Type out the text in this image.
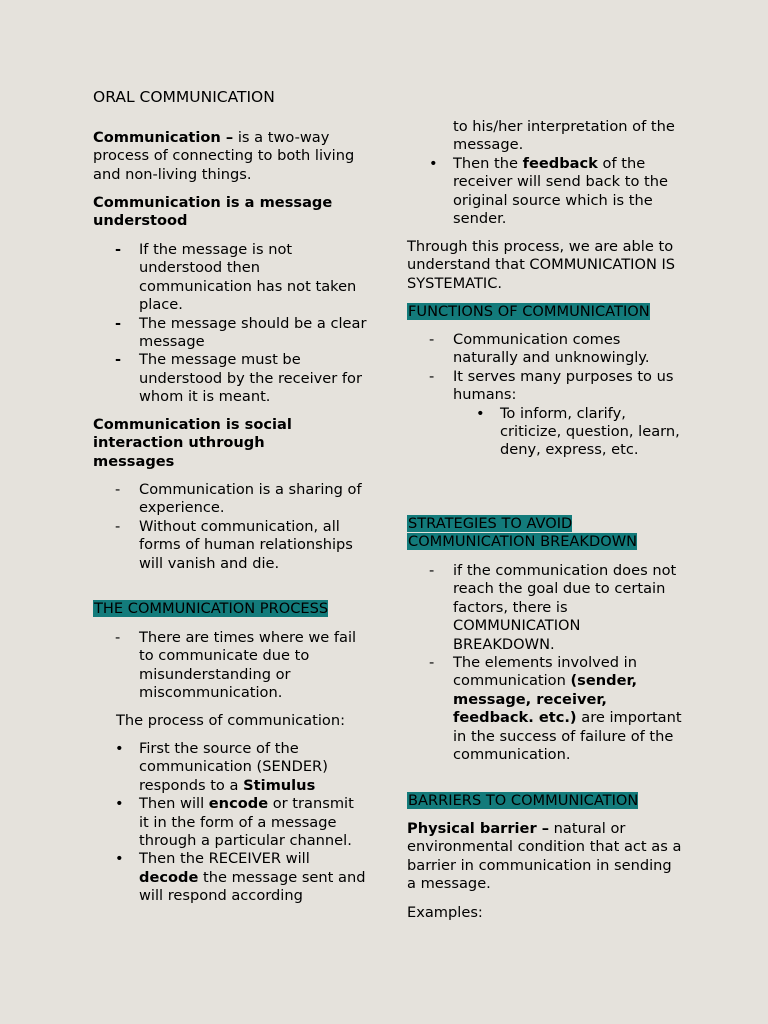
ORAL COMMUNICATION

Communication – is a two-way process of connecting to both living and non-living things.

Communication is a message understood

- If the message is not understood then communication has not taken place.
- The message should be a clear message
- The message must be understood by the receiver for whom it is meant.

Communication is social interaction uthrough messages

- Communication is a sharing of experience.
- Without communication, all forms of human relationships will vanish and die.

THE COMMUNICATION PROCESS

- There are times where we fail to communicate due to misunderstanding or miscommunication.

The process of communication:

• First the source of the communication (SENDER) responds to a Stimulus
• Then will encode or transmit it in the form of a message through a particular channel.
• Then the RECEIVER will decode the message sent and will respond according

to his/her interpretation of the message.

• Then the feedback of the receiver will send back to the original source which is the sender.

Through this process, we are able to understand that COMMUNICATION IS SYSTEMATIC.

FUNCTIONS OF COMMUNICATION

- Communication comes naturally and unknowingly.
- It serves many purposes to us humans:
• To inform, clarify, criticize, question, learn, deny, express, etc.

STRATEGIES TO AVOID COMMUNICATION BREAKDOWN

- if the communication does not reach the goal due to certain factors, there is COMMUNICATION BREAKDOWN.
- The elements involved in communication (sender, message, receiver, feedback. etc.) are important in the success of failure of the communication.

BARRIERS TO COMMUNICATION

Physical barrier – natural or environmental condition that act as a barrier in communication in sending a message.

Examples:
